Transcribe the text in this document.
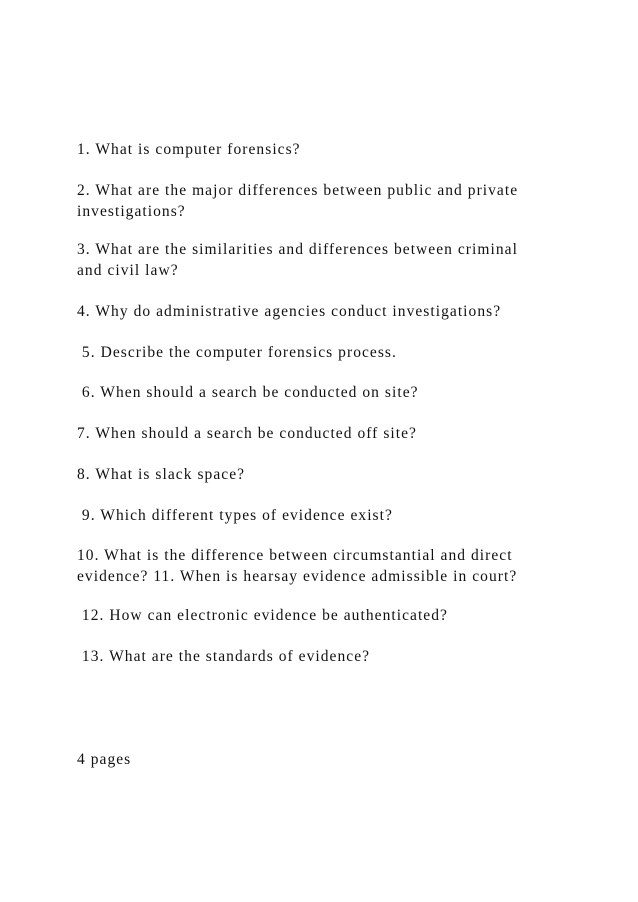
1. What is computer forensics?

2. What are the major differences between public and private

investigations?

3. What are the similarities and differences between criminal

and civil law?

4. Why do administrative agencies conduct investigations?

5. Describe the computer forensics process.

6. When should a search be conducted on site?

7. When should a search be conducted off site?

8. What is slack space?

9. Which different types of evidence exist?

10. What is the difference between circumstantial and direct

evidence? 11. When is hearsay evidence admissible in court?

12. How can electronic evidence be authenticated?

13. What are the standards of evidence?

4 pages
